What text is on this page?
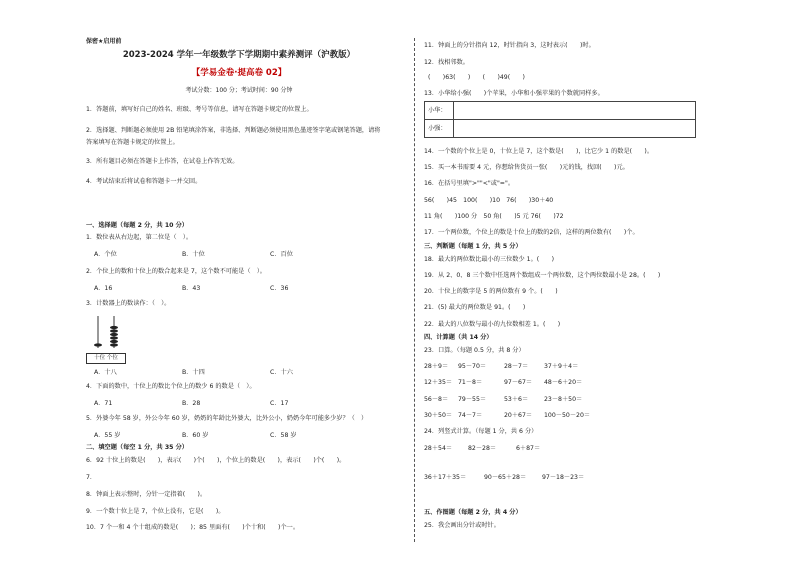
保密★启用前
2023-2024 学年一年级数学下学期期中素养测评（沪教版）
【学易金卷·提高卷 02】
考试分数：100 分；考试时间：90 分钟
1．答题前，填写好自己的姓名、班级、考号等信息，请写在答题卡规定的位置上。
2．选择题、判断题必须使用 2B 铅笔填涂答案，非选择、判断题必须使用黑色墨迹签字笔或钢笔答题，请将
答案填写在答题卡规定的位置上。
3．所有题目必须在答题卡上作答，在试卷上作答无效。
4．考试结束后将试卷和答题卡一并交回。
一、选择题（每题 2 分，共 10 分）
1．数位表从右边起，第二位是（　）。
A．个位	B．十位	C．百位
2．个位上的数和十位上的数合起来是 7，这个数不可能是（　）。
A．16	B．43	C．36
3．计数器上的数读作：（　）。
十位 个位
A．十八	B．十四	C．十六
4．下面的数中，十位上的数比个位上的数少 6 的数是（　）。
A．71	B．28	C．17
5．外婆今年 58 岁，外公今年 60 岁，奶奶的年龄比外婆大，比外公小，奶奶今年可能多少岁？（　）
A．55 岁	B．60 岁	C．58 岁
二、填空题（每空 1 分，共 35 分）
6．92 十位上的数是(　　)，表示(　　)个(　　)，个位上的数是(　　)，表示(　　)个(　　)。
7．
8．钟面上表示整时，分针一定指着(　　)。
9．一个数十位上是 7，个位上没有，它是(　　)。
10．7 个一和 4 个十组成的数是(　　)；85 里面有(　　)个十和(　　)个一。
11．钟面上的分针指向 12，时针指向 3，这时表示(　　)时。
12．找相邻数。
(　　)63(　　)　　(　　)49(　　)
13．小华给小强(　　)个苹果，小华和小强苹果的个数就同样多。
小华：	
小强：	
14．一个数的个位上是 0，十位上是 7，这个数是(　　)，比它少 1 的数是(　　)。
15．买一本书需要 4 元，你想给售货员一张(　　)元的钱，找回(　　)元。
16．在括号里填">""<"或"="。
56(　　)45　100(　　)10　76(　　)30＋40
11 角(　　)100 分　50 角(　　)5 元 76(　　)72
17．一个两位数，个位上的数是十位上的数的2倍，这样的两位数有(　　)个。
三、判断题（每题 1 分，共 5 分）
18．最大的两位数比最小的三位数少 1。(　　)
19．从 2、0、8 三个数中任选两个数组成一个两位数，这个两位数最小是 28。(　　)
20．十位上的数字是 5 的两位数有 9 个。(　　)
21．(5) 最大的两位数是 91。(　　)
22．最大的八位数与最小的九位数相差 1。(　　)
四、计算题（共 14 分）
23．口算。（每题 0.5 分，共 8 分）
28＋9＝ 95－70＝	28－7＝	37＋9＋4＝
12＋35＝ 71－8＝	97－67＝ 48－6＋20＝
56－8＝ 79－55＝	53＋6＝	23－8＋50＝
30＋50＝ 74－7＝	20＋67＝ 100－50－20＝
24．列竖式计算。（每题 1 分，共 6 分）
28＋54＝	82－28＝	6＋87＝
36＋17＋35＝	90－65＋28＝	97－18－23＝
五、作图题（每题 2 分，共 4 分）
25．我会画出分针或时针。
